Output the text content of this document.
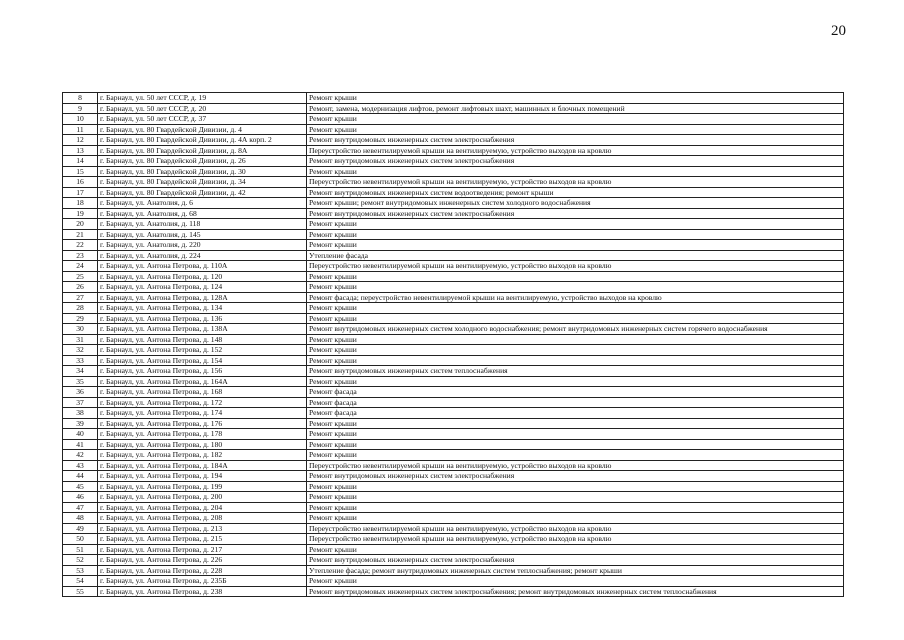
20
8	г. Барнаул, ул. 50 лет СССР, д. 19	Ремонт крыши
9	г. Барнаул, ул. 50 лет СССР, д. 20	Ремонт, замена, модернизация лифтов, ремонт лифтовых шахт, машинных и блочных помещений
10	г. Барнаул, ул. 50 лет СССР, д. 37	Ремонт крыши
11	г. Барнаул, ул. 80 Гвардейской Дивизии, д. 4	Ремонт крыши
12	г. Барнаул, ул. 80 Гвардейской Дивизии, д. 4А корп. 2	Ремонт внутридомовых инженерных систем электроснабжения
13	г. Барнаул, ул. 80 Гвардейской Дивизии, д. 8А	Переустройство невентилируемой крыши на вентилируемую, устройство выходов на кровлю
14	г. Барнаул, ул. 80 Гвардейской Дивизии, д. 26	Ремонт внутридомовых инженерных систем электроснабжения
15	г. Барнаул, ул. 80 Гвардейской Дивизии, д. 30	Ремонт крыши
16	г. Барнаул, ул. 80 Гвардейской Дивизии, д. 34	Переустройство невентилируемой крыши на вентилируемую, устройство выходов на кровлю
17	г. Барнаул, ул. 80 Гвардейской Дивизии, д. 42	Ремонт внутридомовых инженерных систем водоотведения; ремонт крыши
18	г. Барнаул, ул. Анатолия, д. 6	Ремонт крыши; ремонт внутридомовых инженерных систем холодного водоснабжения
19	г. Барнаул, ул. Анатолия, д. 68	Ремонт внутридомовых инженерных систем электроснабжения
20	г. Барнаул, ул. Анатолия, д. 118	Ремонт крыши
21	г. Барнаул, ул. Анатолия, д. 145	Ремонт крыши
22	г. Барнаул, ул. Анатолия, д. 220	Ремонт крыши
23	г. Барнаул, ул. Анатолия, д. 224	Утепление фасада
24	г. Барнаул, ул. Антона Петрова, д. 110А	Переустройство невентилируемой крыши на вентилируемую, устройство выходов на кровлю
25	г. Барнаул, ул. Антона Петрова, д. 120	Ремонт крыши
26	г. Барнаул, ул. Антона Петрова, д. 124	Ремонт крыши
27	г. Барнаул, ул. Антона Петрова, д. 128А	Ремонт фасада; переустройство невентилируемой крыши на вентилируемую, устройство выходов на кровлю
28	г. Барнаул, ул. Антона Петрова, д. 134	Ремонт крыши
29	г. Барнаул, ул. Антона Петрова, д. 136	Ремонт крыши
30	г. Барнаул, ул. Антона Петрова, д. 138А	Ремонт внутридомовых инженерных систем холодного водоснабжения; ремонт внутридомовых инженерных систем горячего водоснабжения
31	г. Барнаул, ул. Антона Петрова, д. 148	Ремонт крыши
32	г. Барнаул, ул. Антона Петрова, д. 152	Ремонт крыши
33	г. Барнаул, ул. Антона Петрова, д. 154	Ремонт крыши
34	г. Барнаул, ул. Антона Петрова, д. 156	Ремонт внутридомовых инженерных систем теплоснабжения
35	г. Барнаул, ул. Антона Петрова, д. 164А	Ремонт крыши
36	г. Барнаул, ул. Антона Петрова, д. 168	Ремонт фасада
37	г. Барнаул, ул. Антона Петрова, д. 172	Ремонт фасада
38	г. Барнаул, ул. Антона Петрова, д. 174	Ремонт фасада
39	г. Барнаул, ул. Антона Петрова, д. 176	Ремонт крыши
40	г. Барнаул, ул. Антона Петрова, д. 178	Ремонт крыши
41	г. Барнаул, ул. Антона Петрова, д. 180	Ремонт крыши
42	г. Барнаул, ул. Антона Петрова, д. 182	Ремонт крыши
43	г. Барнаул, ул. Антона Петрова, д. 184А	Переустройство невентилируемой крыши на вентилируемую, устройство выходов на кровлю
44	г. Барнаул, ул. Антона Петрова, д. 194	Ремонт внутридомовых инженерных систем электроснабжения
45	г. Барнаул, ул. Антона Петрова, д. 199	Ремонт крыши
46	г. Барнаул, ул. Антона Петрова, д. 200	Ремонт крыши
47	г. Барнаул, ул. Антона Петрова, д. 204	Ремонт крыши
48	г. Барнаул, ул. Антона Петрова, д. 208	Ремонт крыши
49	г. Барнаул, ул. Антона Петрова, д. 213	Переустройство невентилируемой крыши на вентилируемую, устройство выходов на кровлю
50	г. Барнаул, ул. Антона Петрова, д. 215	Переустройство невентилируемой крыши на вентилируемую, устройство выходов на кровлю
51	г. Барнаул, ул. Антона Петрова, д. 217	Ремонт крыши
52	г. Барнаул, ул. Антона Петрова, д. 226	Ремонт внутридомовых инженерных систем электроснабжения
53	г. Барнаул, ул. Антона Петрова, д. 228	Утепление фасада; ремонт внутридомовых инженерных систем теплоснабжения; ремонт крыши
54	г. Барнаул, ул. Антона Петрова, д. 235Б	Ремонт крыши
55	г. Барнаул, ул. Антона Петрова, д. 238	Ремонт внутридомовых инженерных систем электроснабжения; ремонт внутридомовых инженерных систем теплоснабжения
